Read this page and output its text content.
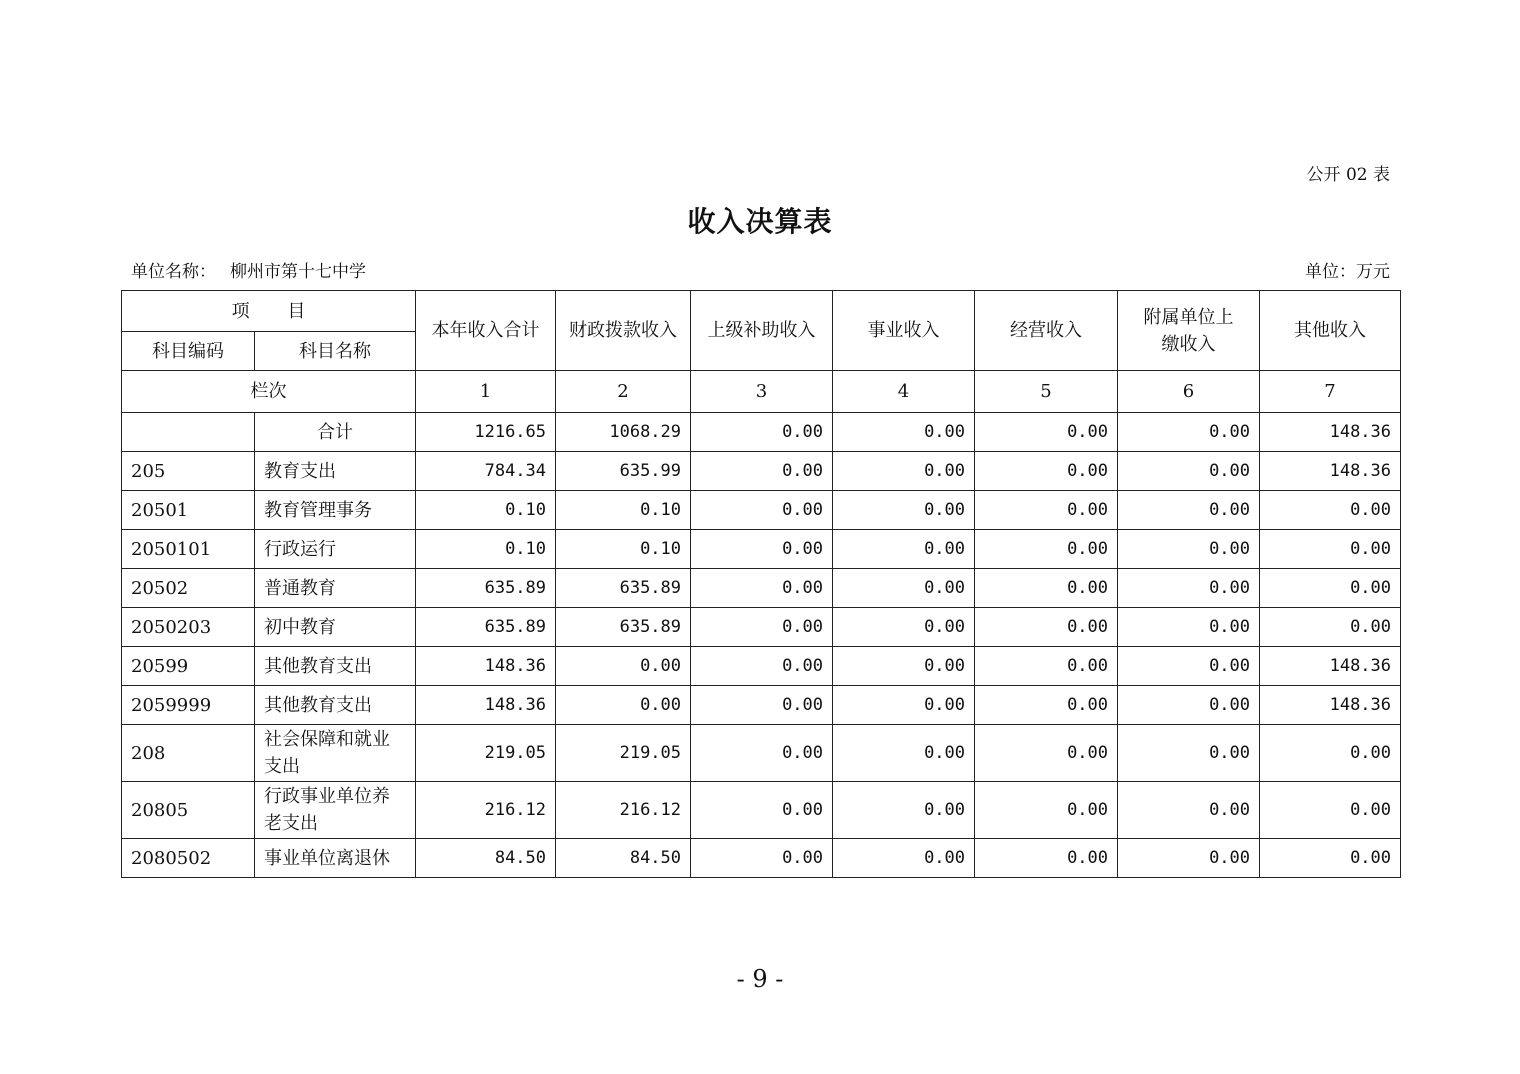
公开 02 表
收入决算表
单位名称： 柳州市第十七中学	单位：万元
项 目		本年收入合计	财政拨款收入	上级补助收入	事业收入	经营收入	附属单位上缴收入	其他收入
科目编码	科目名称							
栏次		1	2	3	4	5	6	7
	合计	1216.65	1068.29	0.00	0.00	0.00	0.00	148.36
205	教育支出	784.34	635.99	0.00	0.00	0.00	0.00	148.36
20501	教育管理事务	0.10	0.10	0.00	0.00	0.00	0.00	0.00
2050101	行政运行	0.10	0.10	0.00	0.00	0.00	0.00	0.00
20502	普通教育	635.89	635.89	0.00	0.00	0.00	0.00	0.00
2050203	初中教育	635.89	635.89	0.00	0.00	0.00	0.00	0.00
20599	其他教育支出	148.36	0.00	0.00	0.00	0.00	0.00	148.36
2059999	其他教育支出	148.36	0.00	0.00	0.00	0.00	0.00	148.36
208	社会保障和就业支出	219.05	219.05	0.00	0.00	0.00	0.00	0.00
20805	行政事业单位养老支出	216.12	216.12	0.00	0.00	0.00	0.00	0.00
2080502	事业单位离退休	84.50	84.50	0.00	0.00	0.00	0.00	0.00
- 9 -
